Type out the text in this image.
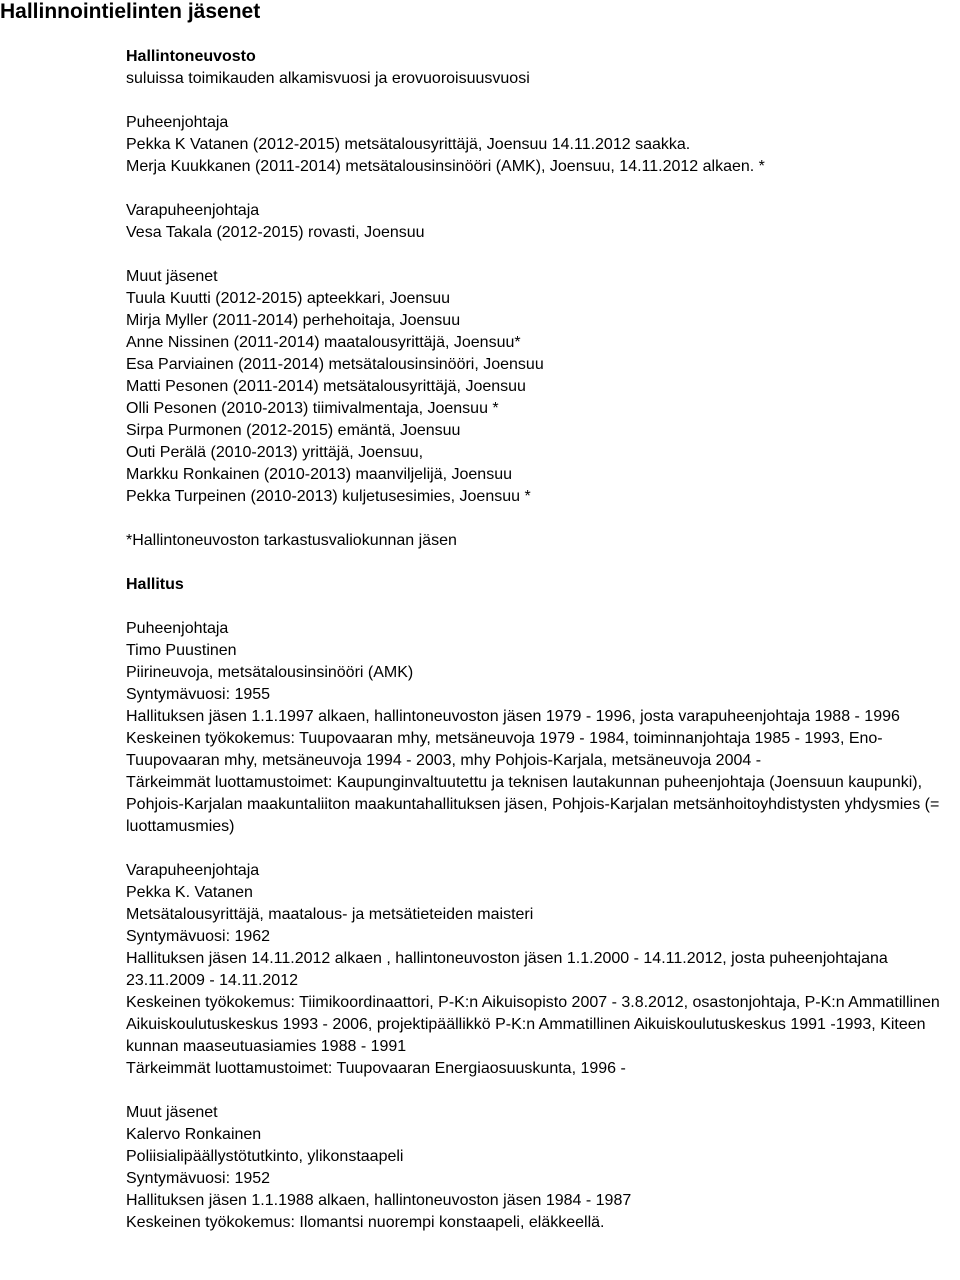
Hallinnointielinten jäsenet

Hallintoneuvosto

suluissa toimikauden alkamisvuosi ja erovuoroisuusvuosi

Puheenjohtaja

Pekka K Vatanen (2012-2015) metsätalousyrittäjä, Joensuu 14.11.2012 saakka.

Merja Kuukkanen (2011-2014) metsätalousinsinööri (AMK), Joensuu, 14.11.2012 alkaen. *

Varapuheenjohtaja

Vesa Takala (2012-2015) rovasti, Joensuu

Muut jäsenet

Tuula Kuutti (2012-2015) apteekkari, Joensuu

Mirja Myller (2011-2014) perhehoitaja, Joensuu

Anne Nissinen (2011-2014) maatalousyrittäjä, Joensuu*

Esa Parviainen (2011-2014) metsätalousinsinööri, Joensuu

Matti Pesonen (2011-2014) metsätalousyrittäjä, Joensuu

Olli Pesonen (2010-2013) tiimivalmentaja, Joensuu *

Sirpa Purmonen (2012-2015) emäntä, Joensuu

Outi Perälä (2010-2013) yrittäjä, Joensuu,

Markku Ronkainen (2010-2013) maanviljelijä, Joensuu

Pekka Turpeinen (2010-2013) kuljetusesimies, Joensuu *

*Hallintoneuvoston tarkastusvaliokunnan jäsen

Hallitus

Puheenjohtaja

Timo Puustinen

Piirineuvoja, metsätalousinsinööri (AMK)

Syntymävuosi: 1955

Hallituksen jäsen 1.1.1997 alkaen, hallintoneuvoston jäsen 1979 - 1996, josta varapuheenjohtaja 1988 - 1996

Keskeinen työkokemus: Tuupovaaran mhy, metsäneuvoja 1979 - 1984, toiminnanjohtaja 1985 - 1993, Eno-Tuupovaaran mhy, metsäneuvoja 1994 - 2003, mhy Pohjois-Karjala, metsäneuvoja 2004 -

Tärkeimmät luottamustoimet: Kaupunginvaltuutettu ja teknisen lautakunnan puheenjohtaja (Joensuun kaupunki), Pohjois-Karjalan maakuntaliiton maakuntahallituksen jäsen, Pohjois-Karjalan metsänhoitoyhdistysten yhdysmies (= luottamusmies)

Varapuheenjohtaja

Pekka K. Vatanen

Metsätalousyrittäjä, maatalous- ja metsätieteiden maisteri

Syntymävuosi: 1962

Hallituksen jäsen 14.11.2012 alkaen , hallintoneuvoston jäsen 1.1.2000 - 14.11.2012, josta puheenjohtajana 23.11.2009 - 14.11.2012

Keskeinen työkokemus: Tiimikoordinaattori, P-K:n Aikuisopisto 2007 - 3.8.2012, osastonjohtaja, P-K:n Ammatillinen Aikuiskoulutuskeskus 1993 - 2006, projektipäällikkö P-K:n Ammatillinen Aikuiskoulutuskeskus 1991 -1993, Kiteen kunnan maaseutuasiamies 1988 - 1991

Tärkeimmät luottamustoimet: Tuupovaaran Energiaosuuskunta, 1996 -

Muut jäsenet

Kalervo Ronkainen

Poliisialipäällystötutkinto, ylikonstaapeli

Syntymävuosi: 1952

Hallituksen jäsen 1.1.1988 alkaen, hallintoneuvoston jäsen 1984 - 1987

Keskeinen työkokemus: Ilomantsi nuorempi konstaapeli, eläkkeellä.
